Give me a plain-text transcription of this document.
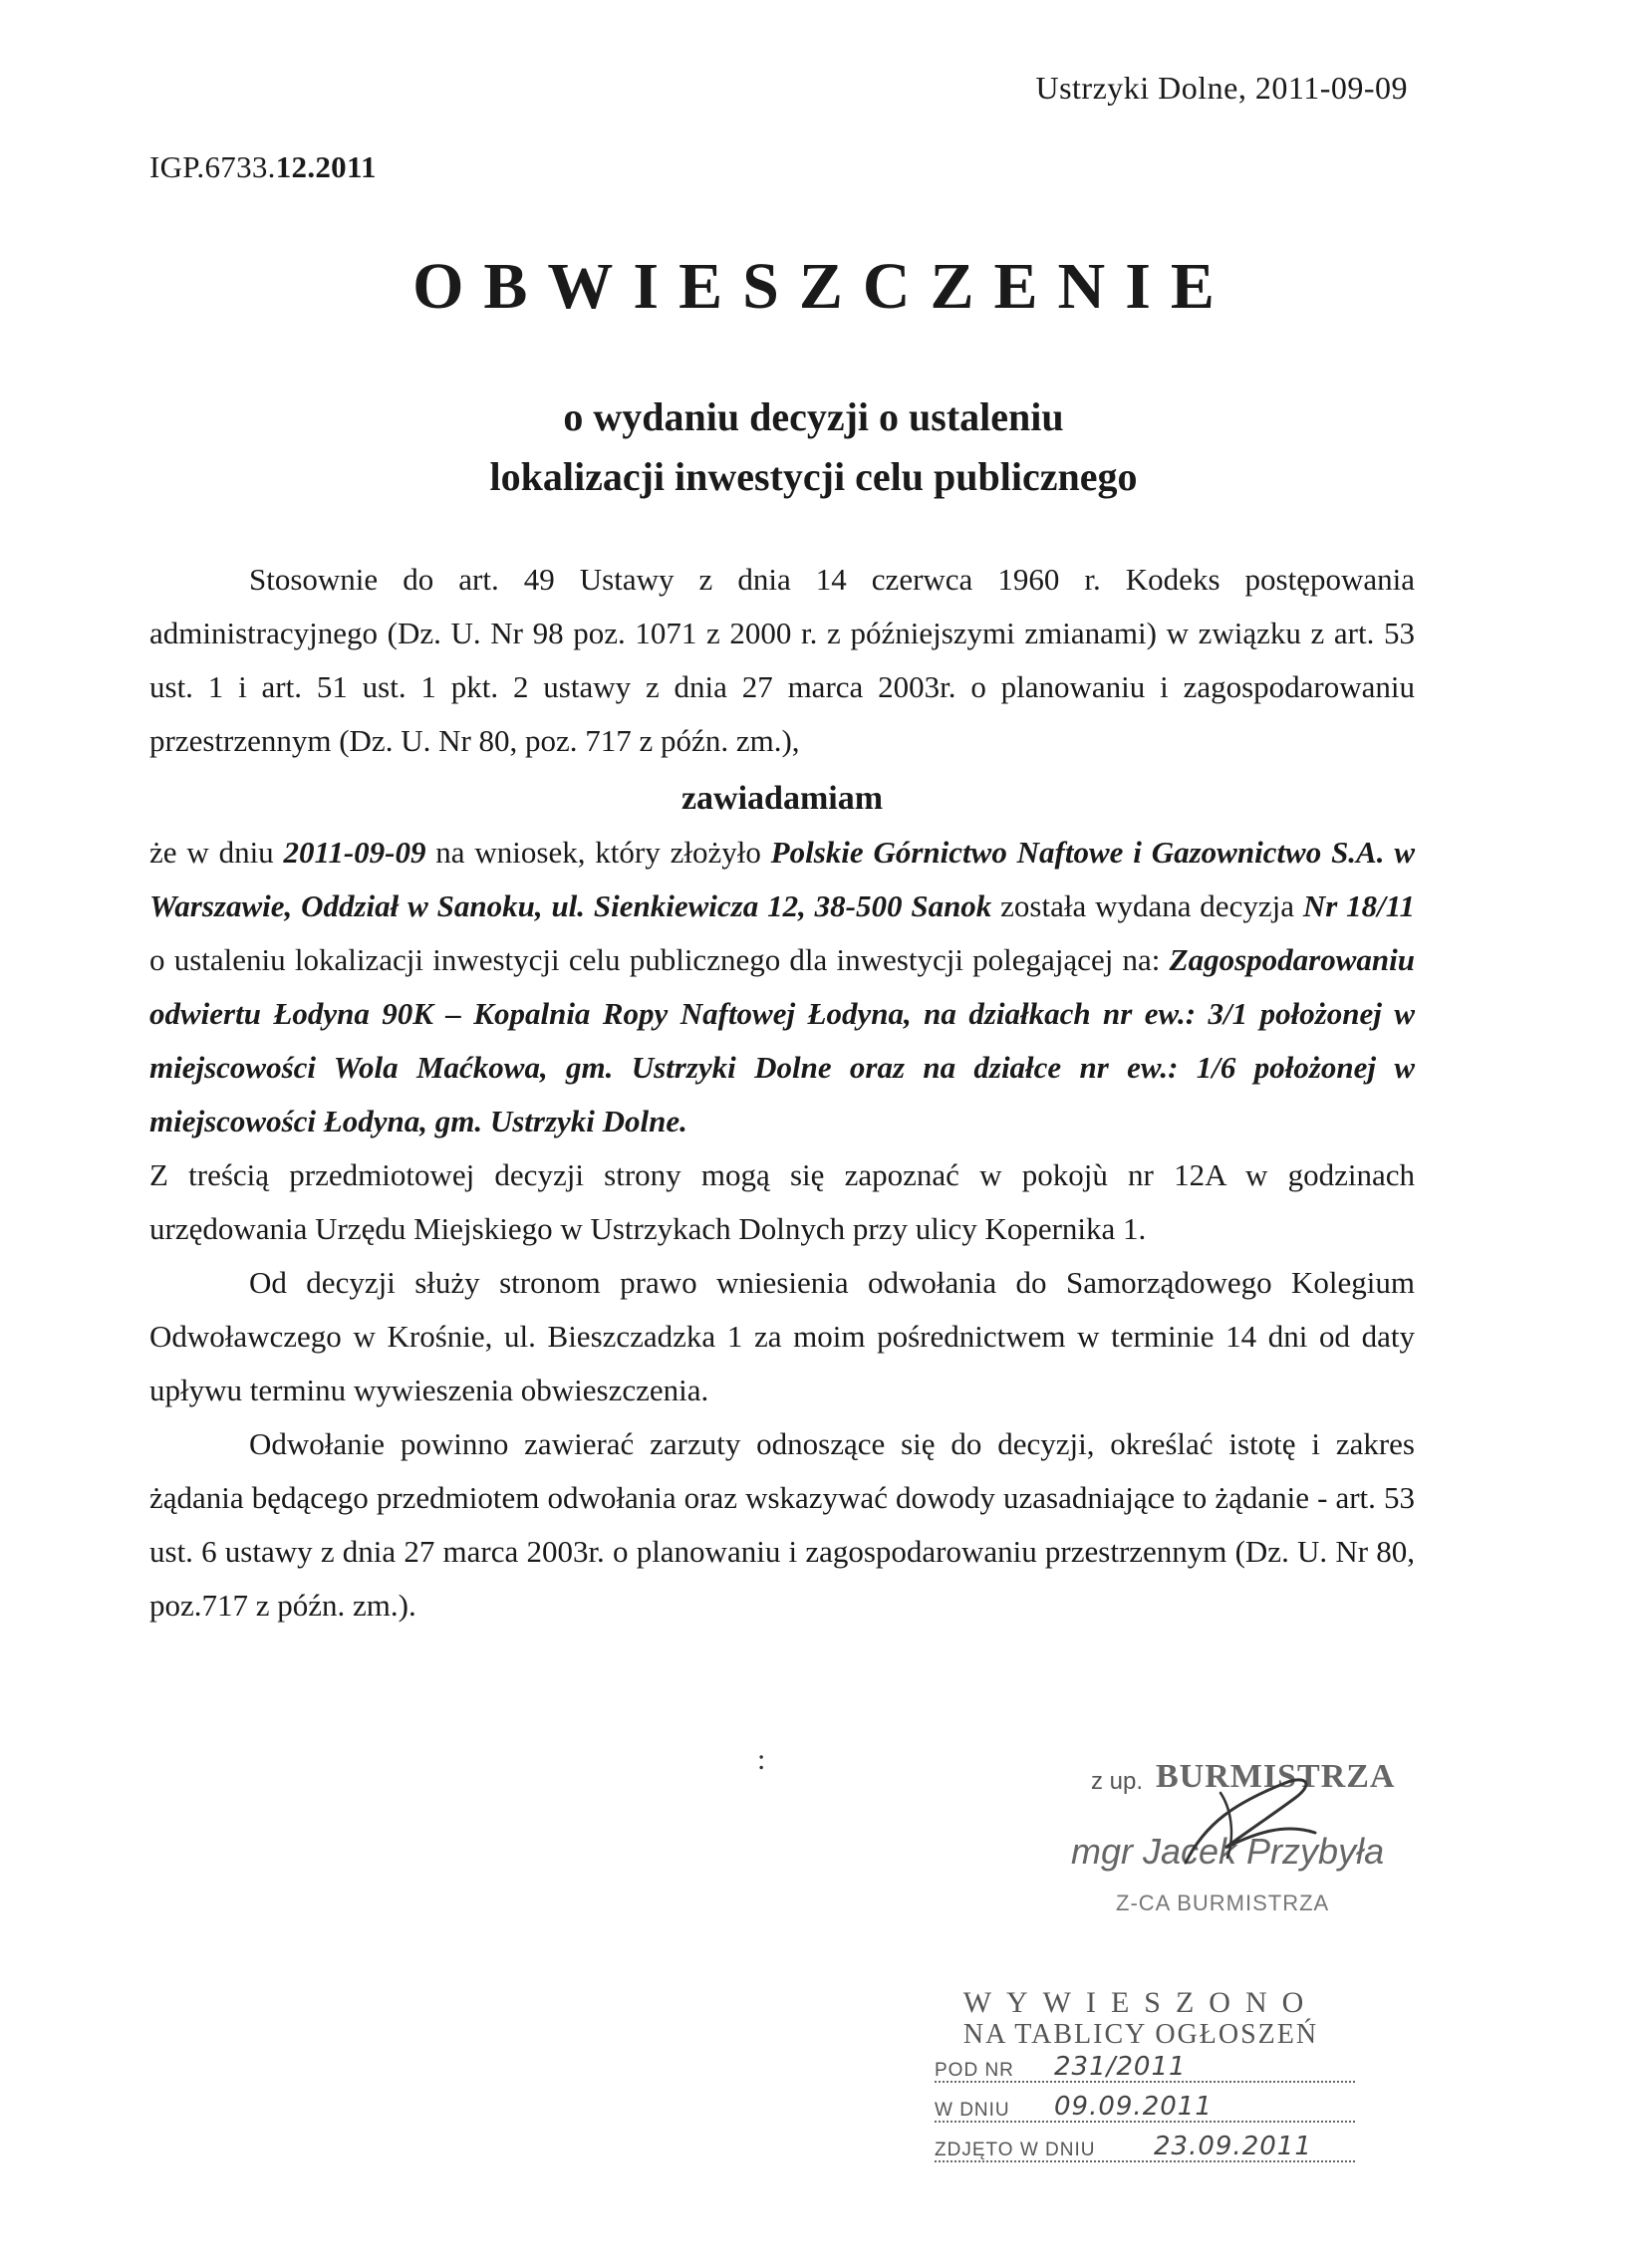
Ustrzyki Dolne, 2011-09-09
IGP.6733.12.2011
OBWIESZCZENIE
o wydaniu decyzji o ustaleniu
lokalizacji inwestycji celu publicznego

Stosownie do art. 49 Ustawy z dnia 14 czerwca 1960 r. Kodeks postępowania administracyjnego (Dz. U. Nr 98 poz. 1071 z 2000 r. z późniejszymi zmianami) w związku z art. 53 ust. 1 i art. 51 ust. 1 pkt. 2 ustawy z dnia 27 marca 2003r. o planowaniu i zagospodarowaniu przestrzennym (Dz. U. Nr 80, poz. 717 z późn. zm.),

zawiadamiam

że w dniu 2011-09-09 na wniosek, który złożyło Polskie Górnictwo Naftowe i Gazownictwo S.A. w Warszawie, Oddział w Sanoku, ul. Sienkiewicza 12, 38-500 Sanok została wydana decyzja Nr 18/11 o ustaleniu lokalizacji inwestycji celu publicznego dla inwestycji polegającej na: Zagospodarowaniu odwiertu Łodyna 90K – Kopalnia Ropy Naftowej Łodyna, na działkach nr ew.: 3/1 położonej w miejscowości Wola Maćkowa, gm. Ustrzyki Dolne oraz na działce nr ew.: 1/6 położonej w miejscowości Łodyna, gm. Ustrzyki Dolne.

Z treścią przedmiotowej decyzji strony mogą się zapoznać w pokojù nr 12A w godzinach urzędowania Urzędu Miejskiego w Ustrzykach Dolnych przy ulicy Kopernika 1.

Od decyzji służy stronom prawo wniesienia odwołania do Samorządowego Kolegium Odwoławczego w Krośnie, ul. Bieszczadzka 1 za moim pośrednictwem w terminie 14 dni od daty upływu terminu wywieszenia obwieszczenia.

Odwołanie powinno zawierać zarzuty odnoszące się do decyzji, określać istotę i zakres żądania będącego przedmiotem odwołania oraz wskazywać dowody uzasadniające to żądanie - art. 53 ust. 6 ustawy z dnia 27 marca 2003r. o planowaniu i zagospodarowaniu przestrzennym (Dz. U. Nr 80, poz.717 z późn. zm.).

:
z up. BURMISTRZA
mgr Jacek Przybyła
Z-CA BURMISTRZA
WYWIESZONO
NA TABLICY OGŁOSZEŃ
POD NR 231/2011
W DNIU 09.09.2011
ZDJĘTO W DNIU 23.09.2011
